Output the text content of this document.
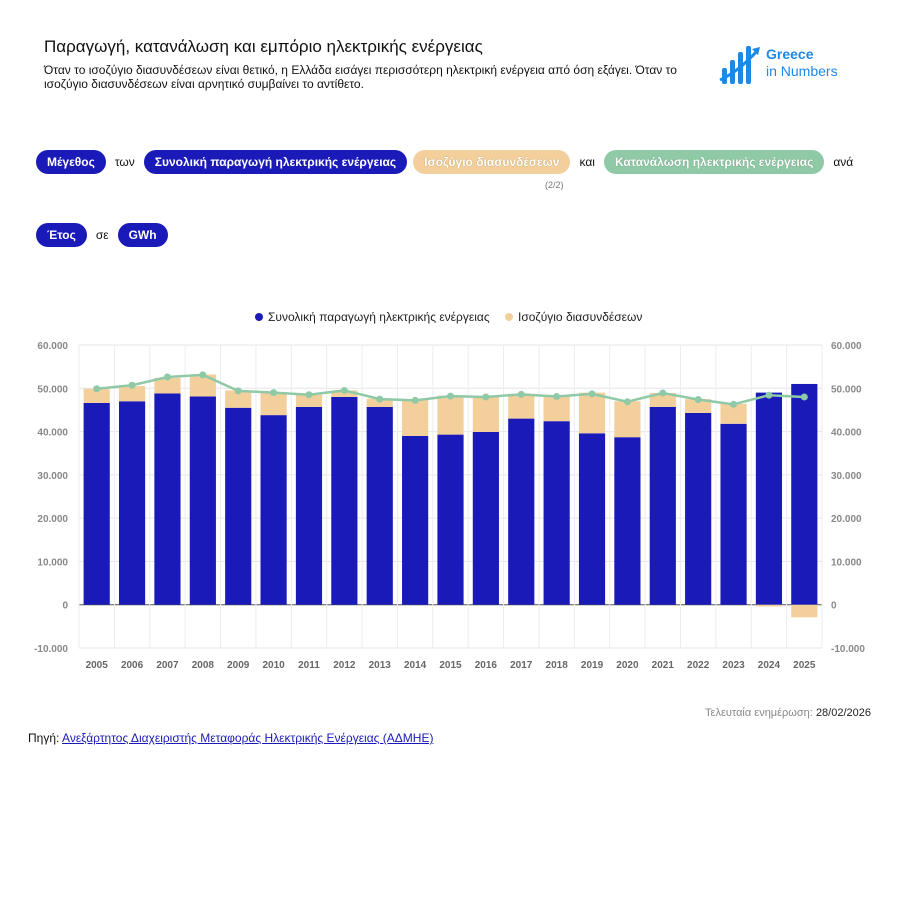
Παραγωγή, κατανάλωση και εμπόριο ηλεκτρικής ενέργειας
Όταν το ισοζύγιο διασυνδέσεων είναι θετικό, η Ελλάδα εισάγει περισσότερη ηλεκτρική ενέργεια από όση εξάγει. Όταν το ισοζύγιο διασυνδέσεων είναι αρνητικό συμβαίνει το αντίθετο.
Greece
in Numbers
Μέγεθος	των	Συνολική παραγωγή ηλεκτρικής ενέργειας	Ισοζύγιο διασυνδέσεων	και	Κατανάλωση ηλεκτρικής ενέργειας	ανά
(2/2)
Έτος	σε	GWh
Συνολική παραγωγή ηλεκτρικής ενέργειας Ισοζύγιο διασυνδέσεων
-10.000	-10.000
0	0
10.000	10.000
20.000	20.000
30.000	30.000
40.000	40.000
50.000	50.000
60.000	60.000
2005 2006 2007 2008 2009 2010 2011 2012 2013 2014 2015 2016 2017 2018 2019 2020 2021 2022 2023 2024 2025
Τελευταία ενημέρωση: 28/02/2026
Πηγή: Ανεξάρτητος Διαχειριστής Μεταφοράς Ηλεκτρικής Ενέργειας (ΑΔΜΗΕ)
